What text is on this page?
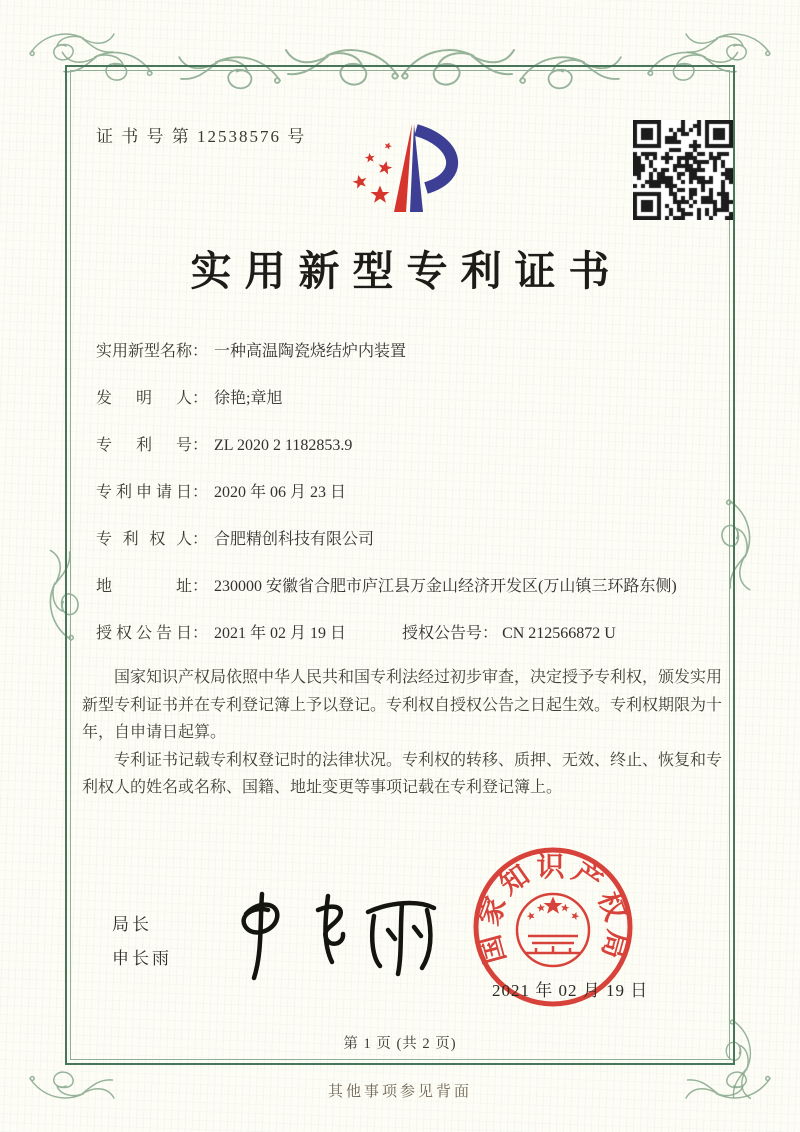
证 书 号 第 12538576 号
实用新型专利证书
实用新型名称： 一种高温陶瓷烧结炉内装置
发明人： 徐艳;章旭
专利号： ZL 2020 2 1182853.9
专利申请日： 2020 年 06 月 23 日
专利权人： 合肥精创科技有限公司
地址： 230000 安徽省合肥市庐江县万金山经济开发区(万山镇三环路东侧)
授权公告日： 2021 年 02 月 19 日	授权公告号： CN 212566872 U

国家知识产权局依照中华人民共和国专利法经过初步审查，决定授予专利权，颁发实用新型专利证书并在专利登记簿上予以登记。专利权自授权公告之日起生效。专利权期限为十年，自申请日起算。

专利证书记载专利权登记时的法律状况。专利权的转移、质押、无效、终止、恢复和专利权人的姓名或名称、国籍、地址变更等事项记载在专利登记簿上。

局长
申长雨	国家知识产权局
2021 年 02 月 19 日
第 1 页 (共 2 页)
其他事项参见背面
